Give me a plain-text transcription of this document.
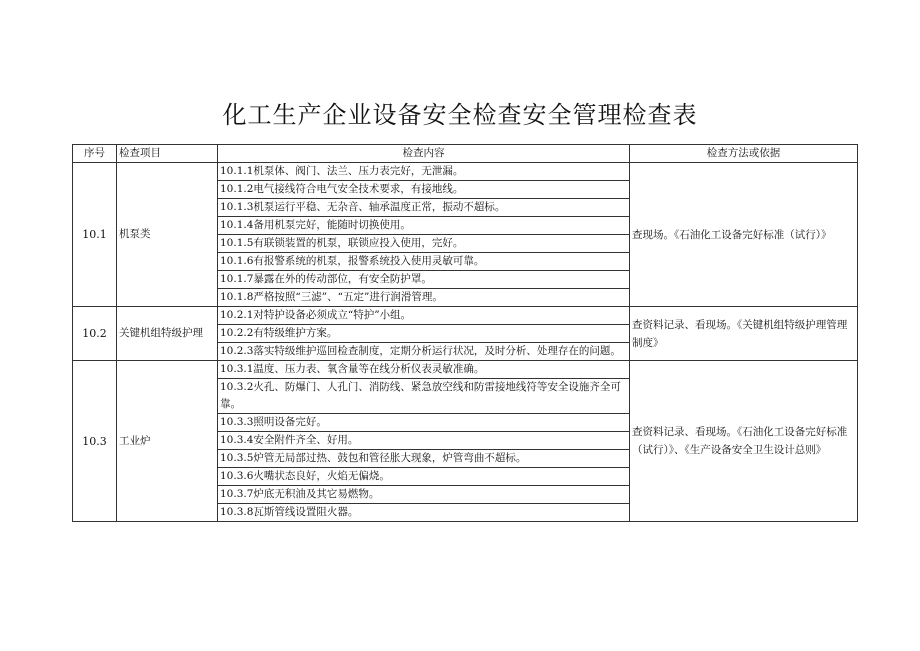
化工生产企业设备安全检查安全管理检查表
序号	检查项目	检查内容	检查方法或依据
10.1	机泵类	10.1.1机泵体、阀门、法兰、压力表完好，无泄漏。	查现场。《石油化工设备完好标准（试行）》
		10.1.2电气接线符合电气安全技术要求，有接地线。	
		10.1.3机泵运行平稳、无杂音、轴承温度正常，振动不超标。	
		10.1.4备用机泵完好，能随时切换使用。	
		10.1.5有联锁装置的机泵，联锁应投入使用，完好。	
		10.1.6有报警系统的机泵，报警系统投入使用灵敏可靠。	
		10.1.7暴露在外的传动部位，有安全防护罩。	
		10.1.8严格按照“三滤”、“五定”进行润滑管理。	
10.2	关键机组特级护理	10.2.1对特护设备必须成立“特护”小组。	查资料记录、看现场。《关键机组特级护理管理制度》
		10.2.2有特级维护方案。	
		10.2.3落实特级维护巡回检查制度，定期分析运行状况，及时分析、处理存在的问题。	
10.3	工业炉	10.3.1温度、压力表、氧含量等在线分析仪表灵敏准确。	查资料记录、看现场。《石油化工设备完好标准（试行）》、《生产设备安全卫生设计总则》
		10.3.2火孔、防爆门、人孔门、消防线、紧急放空线和防雷接地线符等安全设施齐全可靠。	
		10.3.3照明设备完好。	
		10.3.4安全附件齐全、好用。	
		10.3.5炉管无局部过热、鼓包和管径胀大现象，炉管弯曲不超标。	
		10.3.6火嘴状态良好，火焰无偏烧。	
		10.3.7炉底无积油及其它易燃物。	
		10.3.8瓦斯管线设置阻火器。	
